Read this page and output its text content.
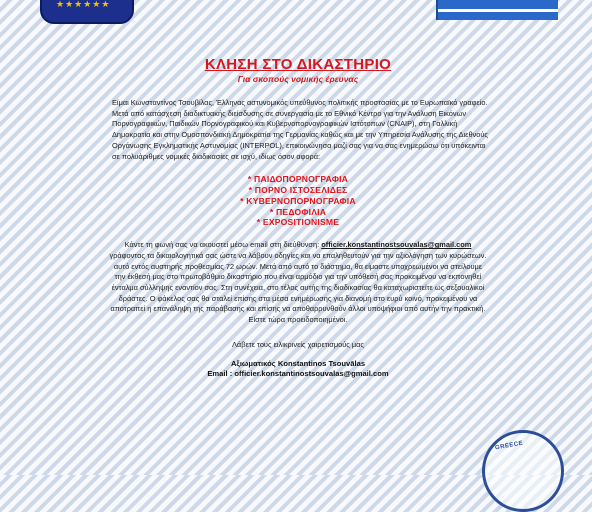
★★★★★★

ΚΛΗΣΗ ΣΤΟ ΔΙΚΑΣΤΗΡΙΟ

Για σκοπούς νομικής έρευνας

Είμαι Κωνσταντίνος Τσουβίλας, Έλληνας αστυνομικός υπεύθυνος πολιτικής προστασίας με το Ευρωπαϊκό γραφείο. Μετά από κατάσχεση διαδικτυακής διείσδυσης σε συνεργασία με το Εθνικό Κέντρο για την Ανάλυση Εικόνων Πορνογραφικών, Παιδικών Πορνογραφικού και Κυβερνοπορνογραφικών Ιστότοπων (CNAIP), στη Γαλλική Δημοκρατία και στην Ομοσπονδιακή Δημοκρατία της Γερμανίας καθώς και με την Υπηρεσία Ανάλυσης της Διεθνούς Οργάνωσης Εγκληματικής Αστυνομίας (INTERPOL), επικοινώνησα μαζί σας για να σας ενημερώσω ότι υπόκεινται σε πολυάριθμες νομικές διαδικασίες σε ισχύ, ιδίως όσον αφορά:

* ΠΑΙΔΟΠΟΡΝΟΓΡΑΦΙΑ
* ΠΟΡΝΟ ΙΣΤΟΣΕΛΙΔΕΣ
* ΚΥΒΕΡΝΟΠΟΡΝΟΓΡΑΦΙΑ
* ΠΕΔΟΦΙΛΙΑ
* EXPOSITIONISME

Κάντε τη φωνή σας να ακουστεί μέσω email στη διεύθυνση: officier.konstantinostsouvalas@gmail.com γράφοντας τα δικαιολογητικά σας ώστε να λάβουν οδηγίες και να επαληθευτούν για την αξιολόγηση των κυρώσεων. αυτό εντός αυστηρής προθεσμίας 72 ωρών. Μετά από αυτό το διάστημα, θα είμαστε υποχρεωμένοι να στείλουμε την έκθεσή μας στο πρωτοβάθμιο δικαστήριο που είναι αρμόδιο για την υπόθεσή σας προκειμένου να εκπονηθεί ένταλμα σύλληψης εναντίον σας. Στη συνέχεια, στο τέλος αυτής της διαδικασίας θα καταχωριστείτε ως σεξουαλικοί δράστες. Ο φάκελος σας θα σταλεί επίσης στα μέσα ενημέρωσης για διανομή στο ευρύ κοινό, προκειμένου να αποτραπεί η επανάληψη της παράβασης και επίσης να αποθαρρυνθούν άλλοι υποψήφιοι από αυτήν την πρακτική.

Είστε τώρα προειδοποιημένοι.

Λάβετε τους ειλικρινείς χαιρετισμούς μας
Αξιωματικός Konstantinos Tsouvālas
Email : officier.konstantinostsouvalas@gmail.com
GREECE
